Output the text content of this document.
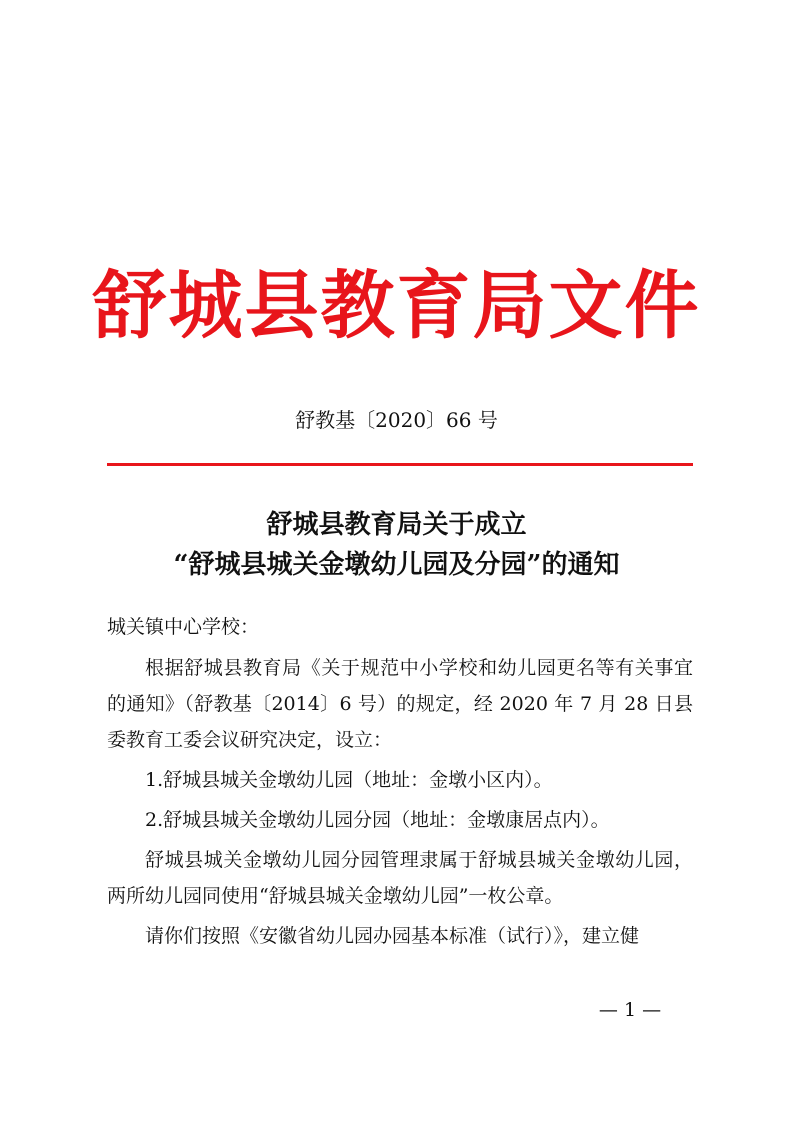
舒城县教育局文件
舒教基〔2020〕66 号
舒城县教育局关于成立
“舒城县城关金墩幼儿园及分园”的通知
城关镇中心学校：

根据舒城县教育局《关于规范中小学校和幼儿园更名等有关事宜的通知》（舒教基〔2014〕6 号）的规定，经 2020 年 7 月 28 日县委教育工委会议研究决定，设立：

1.舒城县城关金墩幼儿园（地址：金墩小区内）。

2.舒城县城关金墩幼儿园分园（地址：金墩康居点内）。

舒城县城关金墩幼儿园分园管理隶属于舒城县城关金墩幼儿园，两所幼儿园同使用“舒城县城关金墩幼儿园”一枚公章。

请你们按照《安徽省幼儿园办园基本标准（试行）》，建立健

— 1 —
